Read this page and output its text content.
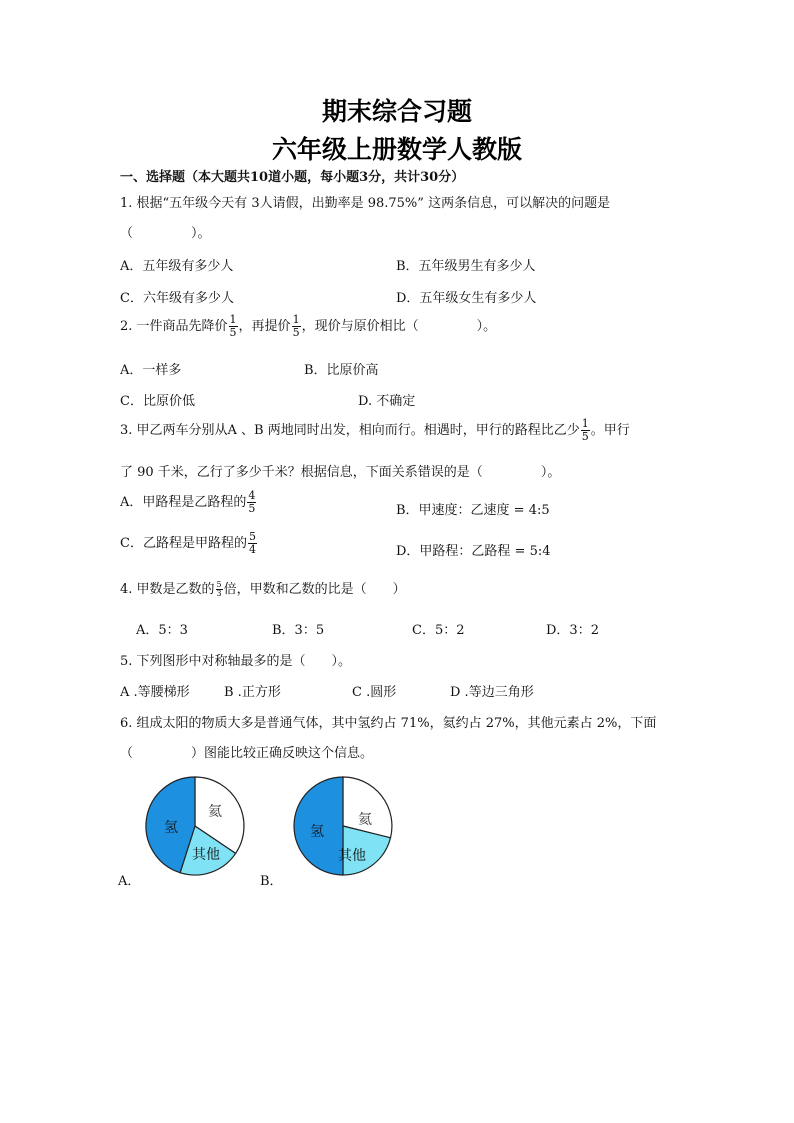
期末综合习题
六年级上册数学人教版
一、选择题（本大题共10道小题，每小题3分，共计30分）
1. 根据“五年级今天有 3人请假，出勤率是 98.75%” 这两条信息，可以解决的问题是
（	）。
A．五年级有多少人	B．五年级男生有多少人
C．六年级有多少人	D．五年级女生有多少人
2. 一件商品先降价 $\frac{1}{5}$ ，再提价 $\frac{1}{5}$ ，现价与原价相比（	）。
A．一样多	B．比原价高
C．比原价低	D. 不确定
3. 甲乙两车分别从A 、B 两地同时出发，相向而行。相遇时，甲行的路程比乙少 $\frac{1}{5}$ 。甲行
了 90 千米，乙行了多少千米？根据信息，下面关系错误的是（	）。
A．甲路程是乙路程的 $\frac{4}{5}$	B．甲速度：乙速度 = 4:5
C．乙路程是甲路程的 $\frac{5}{4}$	D．甲路程：乙路程 = 5:4
4. 甲数是乙数的 $\frac{5}{3}$ 倍，甲数和乙数的比是（　　）
A．5：3	B．3：5	C．5：2	D．3：2
5. 下列图形中对称轴最多的是（　　）。
A .等腰梯形	B .正方形	C .圆形	D .等边三角形
6. 组成太阳的物质大多是普通气体，其中氢约占 71%，氦约占 27%，其他元素占 2%，下面
（	）图能比较正确反映这个信息。
氦
氢
其他
A．
氦
氢
其他
B．
